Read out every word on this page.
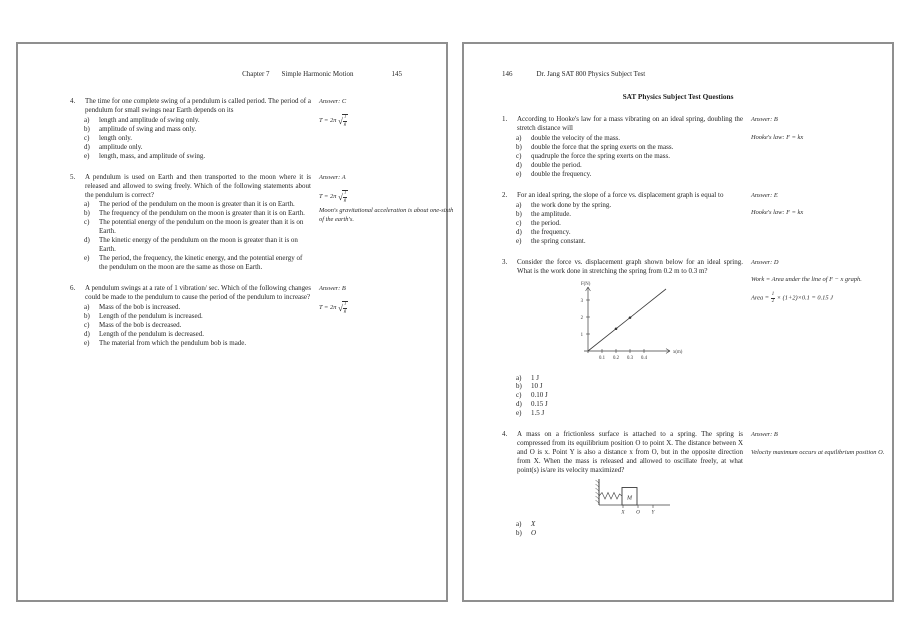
Chapter 7 Simple Harmonic Motion	145
4.	The time for one complete swing of a pendulum is called period. The period of a pendulum for small swings near Earth depends on its
a)	length and amplitude of swing only.
b)	amplitude of swing and mass only.
c)	length only.
d)	amplitude only.
e)	length, mass, and amplitude of swing.
Answer: C
T = 2π √ $\frac{l}{g}$
5.	A pendulum is used on Earth and then transported to the moon where it is released and allowed to swing freely. Which of the following statements about the pendulum is correct?
a)	The period of the pendulum on the moon is greater than it is on Earth.
b)	The frequency of the pendulum on the moon is greater than it is on Earth.
c)	The potential energy of the pendulum on the moon is greater than it is on Earth.
d)	The kinetic energy of the pendulum on the moon is greater than it is on Earth.
e)	The period, the frequency, the kinetic energy, and the potential energy of the pendulum on the moon are the same as those on Earth.
Answer: A
T = 2π √ $\frac{l}{g}$
Moon's gravitational acceleration is about one-sixth of the earth's.
6.	A pendulum swings at a rate of 1 vibration/ sec. Which of the following changes could be made to the pendulum to cause the period of the pendulum to increase?
a)	Mass of the bob is increased.
b)	Length of the pendulum is increased.
c)	Mass of the bob is decreased.
d)	Length of the pendulum is decreased.
e)	The material from which the pendulum bob is made.
Answer: B
T = 2π √ $\frac{l}{g}$
146	Dr. Jang SAT 800 Physics Subject Test
SAT Physics Subject Test Questions
1.	According to Hooke's law for a mass vibrating on an ideal spring, doubling the stretch distance will
a)	double the velocity of the mass.
b)	double the force that the spring exerts on the mass.
c)	quadruple the force the spring exerts on the mass.
d)	double the period.
e)	double the frequency.
Answer: B
Hooke's law: F = kx
2.	For an ideal spring, the slope of a force vs. displacement graph is equal to
a)	the work done by the spring.
b)	the amplitude.
c)	the period.
d)	the frequency.
e)	the spring constant.
Answer: E
Hooke's law: F = kx
3.	Consider the force vs. displacement graph shown below for an ideal spring. What is the work done in stretching the spring from 0.2 m to 0.3 m?
F(N)
x(m)
1
2
3
0.1 0.2 0.3 0.4
a)	1 J
b)	10 J
c)	0.10 J
d)	0.15 J
e)	1.5 J
Answer: D
Work = Area under the line of F − x graph.
Area = $\frac{1}{2} \times (1+2)\times 0.1 = 0.15$ J
4.	A mass on a frictionless surface is attached to a spring. The spring is compressed from its equilibrium position O to point X. The distance between X and O is x. Point Y is also a distance x from O, but in the opposite direction from X. When the mass is released and allowed to oscillate freely, at what point(s) is/are its velocity maximized?
M
X O Y
a)	X
b)	O
Answer: B
Velocity maximum occurs at equilibrium position O.
